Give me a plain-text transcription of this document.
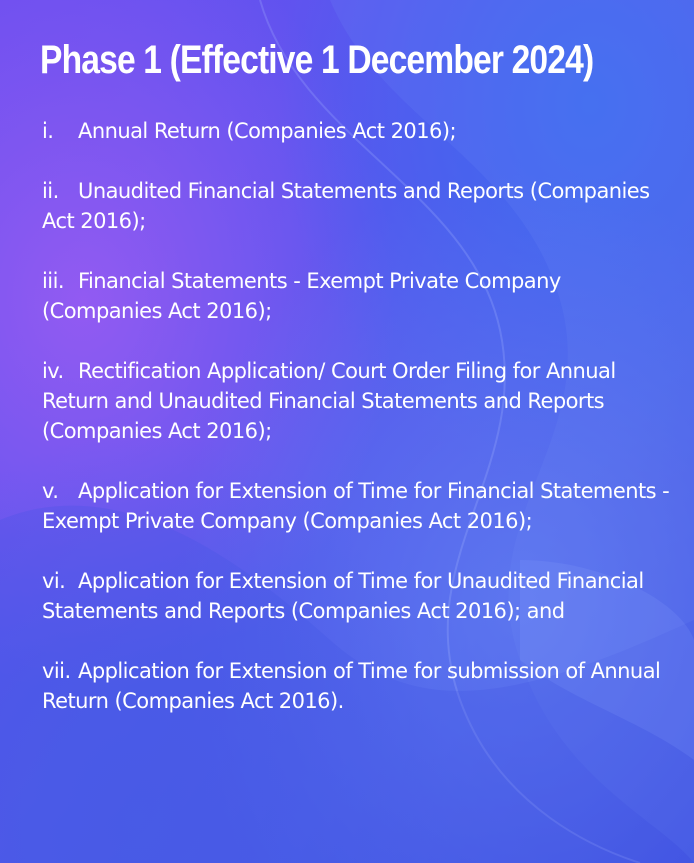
Phase 1 (Effective 1 December 2024)
i. Annual Return (Companies Act 2016);
ii. Unaudited Financial Statements and Reports (Companies Act 2016);
iii. Financial Statements - Exempt Private Company (Companies Act 2016);
iv. Rectification Application/ Court Order Filing for Annual Return and Unaudited Financial Statements and Reports (Companies Act 2016);
v. Application for Extension of Time for Financial Statements - Exempt Private Company (Companies Act 2016);
vi. Application for Extension of Time for Unaudited Financial Statements and Reports (Companies Act 2016); and
vii. Application for Extension of Time for submission of Annual Return (Companies Act 2016).
